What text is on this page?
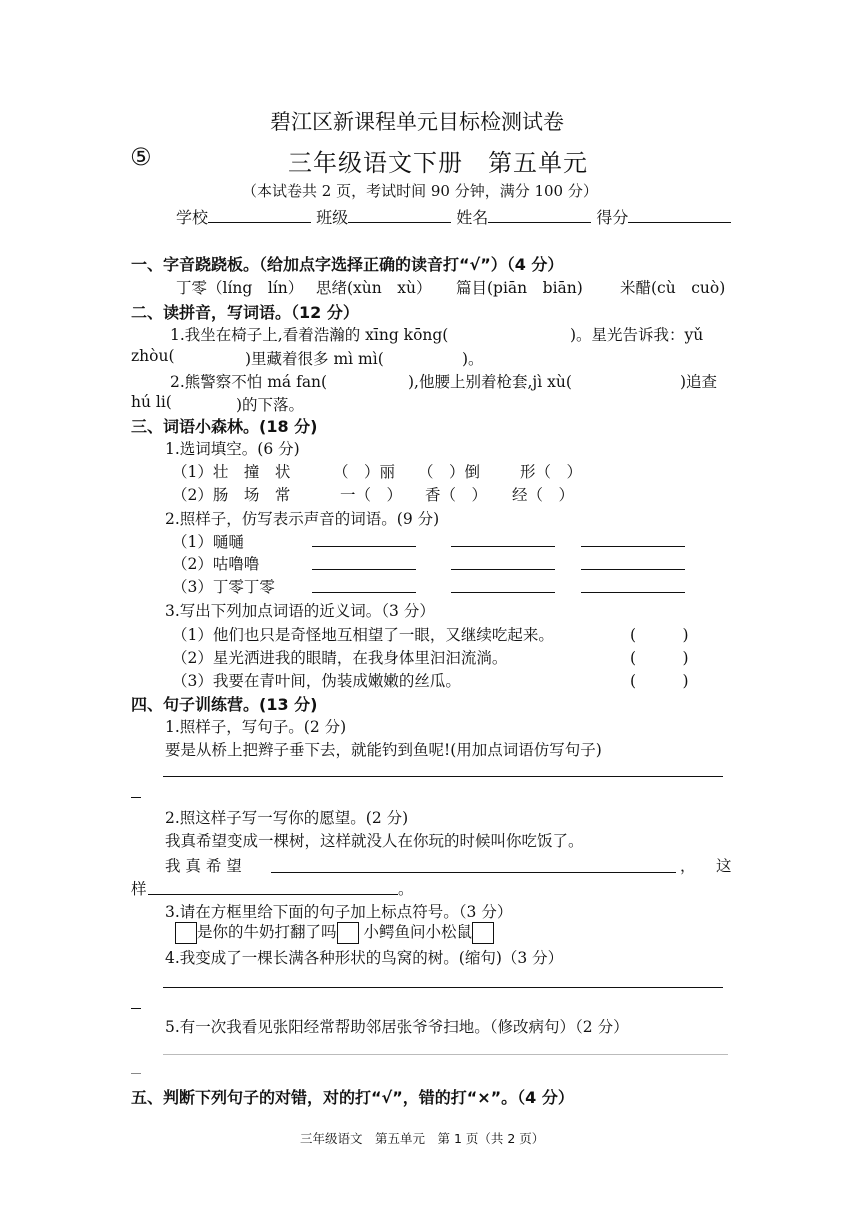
碧江区新课程单元目标检测试卷
⑤	三年级语文下册　第五单元
（本试卷共 2 页，考试时间 90 分钟，满分 100 分）
学校	班级	姓名	得分
一、字音跷跷板。（给加点字选择正确的读音打“√”）（4 分）
丁零（líng　lín） 思绪(xùn　xù） 篇目(piān　biān) 米醋(cù　cuò)
二、读拼音，写词语。（12 分）
1.我坐在椅子上,看着浩瀚的 xīng kōng(	)。星光告诉我：yǔ
zhòu(	)里藏着很多 mì mì(	)。
2.熊警察不怕 má fan(	),他腰上别着枪套,jì xù(	)追查
hú li(	)的下落。
三、词语小森林。(18 分)
1.选词填空。(6 分)
（1）壮　撞　状	（　）丽 （　）倒	形（　）
（2）肠　场　常	一（　） 香（　） 经（　）
2.照样子，仿写表示声音的词语。(9 分)
（1）嗵嗵
（2）咕噜噜
（3）丁零丁零
3.写出下列加点词语的近义词。（3 分）
（1）他们也只是奇怪地互相望了一眼，又继续吃起来。	(　　　)
（2）星光洒进我的眼睛，在我身体里汩汩流淌。	(　　　)
（3）我要在青叶间，伪装成嫩嫩的丝瓜。	(　　　)
四、句子训练营。(13 分)
1.照样子，写句子。(2 分)
要是从桥上把辫子垂下去，就能钓到鱼呢!(用加点词语仿写句子)
2.照这样子写一写你的愿望。(2 分)
我真希望变成一棵树，这样就没人在你玩的时候叫你吃饭了。
我 真 希 望	， 这
样	。
3.请在方框里给下面的句子加上标点符号。（3 分）
是你的牛奶打翻了吗 小鳄鱼问小松鼠
4.我变成了一棵长满各种形状的鸟窝的树。(缩句)（3 分）
5.有一次我看见张阳经常帮助邻居张爷爷扫地。（修改病句）（2 分）
五、判断下列句子的对错，对的打“√”，错的打“×”。（4 分）
三年级语文　第五单元　第 1 页（共 2 页）
